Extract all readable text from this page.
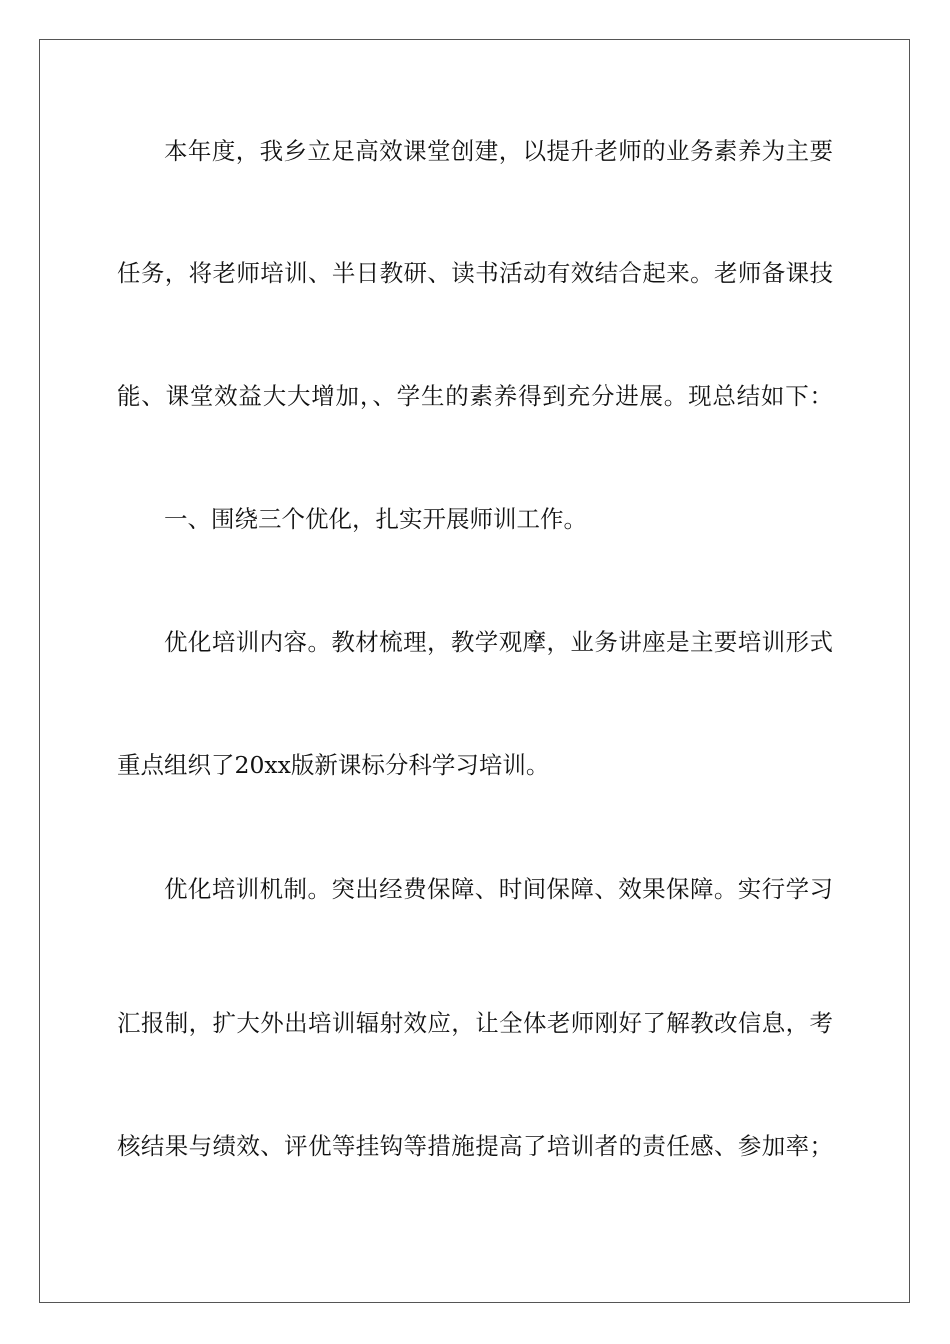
本年度，我乡立足高效课堂创建，以提升老师的业务素养为主要
任务，将老师培训、半日教研、读书活动有效结合起来。老师备课技
能、课堂效益大大增加，、学生的素养得到充分进展。现总结如下：
一、围绕三个优化，扎实开展师训工作。
优化培训内容。教材梳理，教学观摩，业务讲座是主要培训形式
重点组织了20xx版新课标分科学习培训。
优化培训机制。突出经费保障、时间保障、效果保障。实行学习
汇报制，扩大外出培训辐射效应，让全体老师刚好了解教改信息，考
核结果与绩效、评优等挂钩等措施提高了培训者的责任感、参加率；
